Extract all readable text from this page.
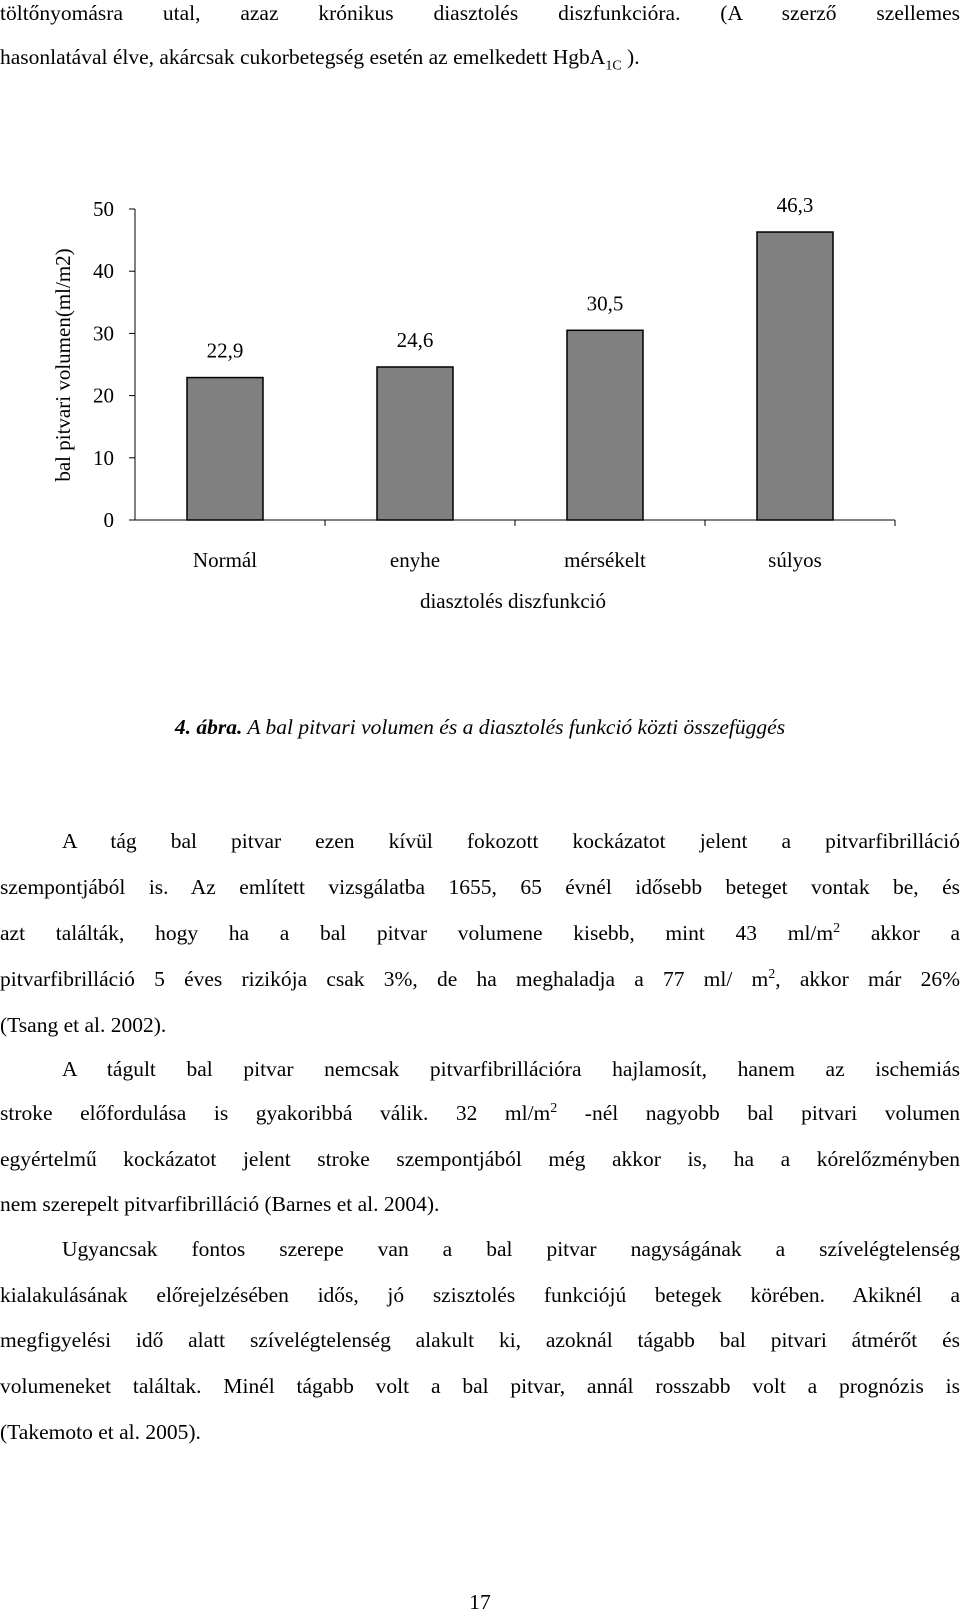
töltőnyomásra utal, azaz krónikus diasztolés diszfunkcióra. (A szerző szellemes
hasonlatával élve, akárcsak cukorbetegség esetén az emelkedett HgbA$_{1C}$ ).
0
10
20
30
40
50
22,9	24,6
30,5
46,3
Normál	enyhe	mérsékelt	súlyos
bal pitvari volumen(ml/m2)
diasztolés diszfunkció
4. ábra. A bal pitvari volumen és a diasztolés funkció közti összefüggés
A tág bal pitvar ezen kívül fokozott kockázatot jelent a pitvarfibrilláció
szempontjából is. Az említett vizsgálatba 1655, 65 évnél idősebb beteget vontak be, és
azt találták, hogy ha a bal pitvar volumene kisebb, mint 43 $ml/m^2$ akkor a
pitvarfibrilláció 5 éves rizikója csak 3%, de ha meghaladja a 77 ml/ $m^2$, akkor már 26%
(Tsang et al. 2002).
A tágult bal pitvar nemcsak pitvarfibrillációra hajlamosít, hanem az ischemiás
stroke előfordulása is gyakoribbá válik. 32 $ml/m^2$ -nél nagyobb bal pitvari volumen
egyértelmű kockázatot jelent stroke szempontjából még akkor is, ha a kórelőzményben
nem szerepelt pitvarfibrilláció (Barnes et al. 2004).
Ugyancsak fontos szerepe van a bal pitvar nagyságának a szívelégtelenség
kialakulásának előrejelzésében idős, jó szisztolés funkciójú betegek körében. Akiknél a
megfigyelési idő alatt szívelégtelenség alakult ki, azoknál tágabb bal pitvari átmérőt és
volumeneket találtak. Minél tágabb volt a bal pitvar, annál rosszabb volt a prognózis is
(Takemoto et al. 2005).
17
